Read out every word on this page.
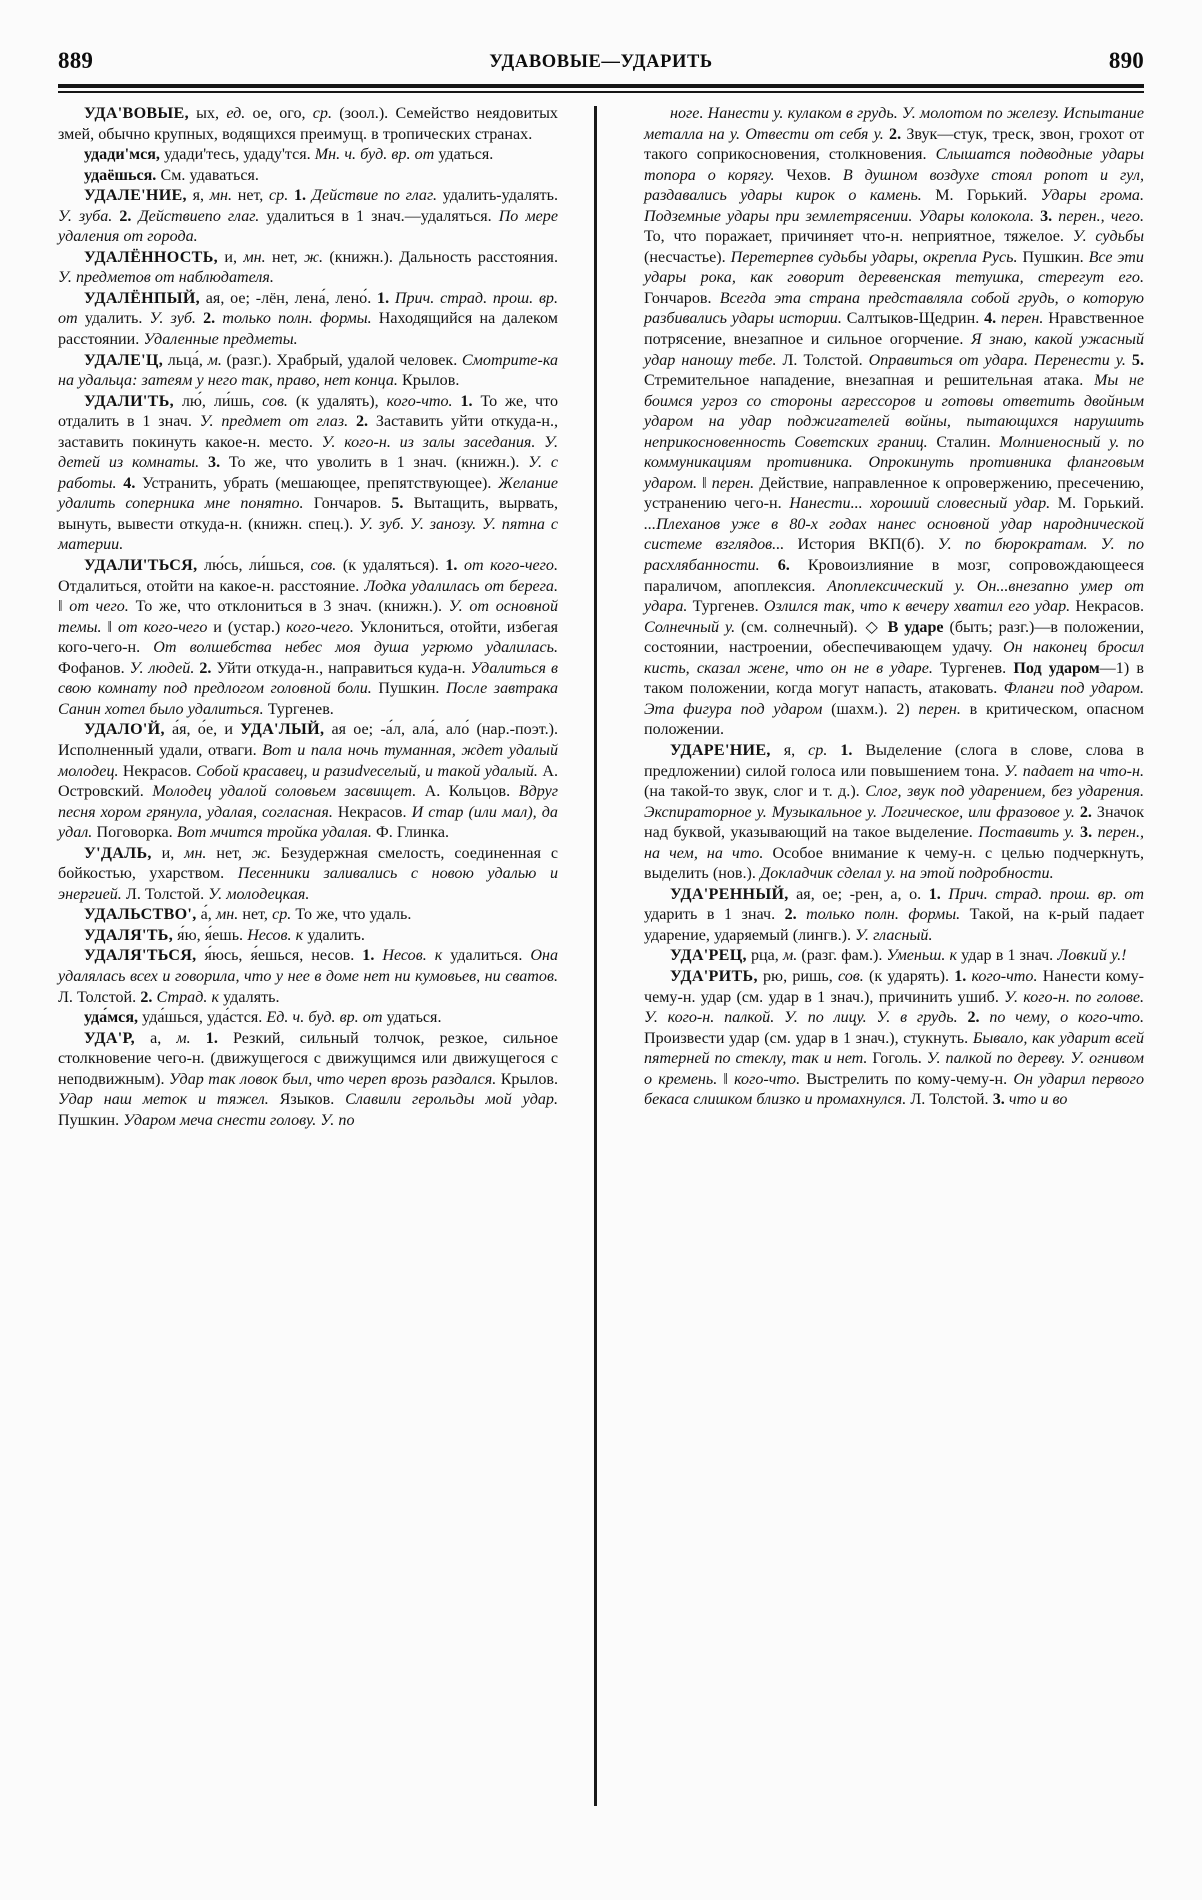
889	УДАВОВЫЕ—УДАРИТЬ	890

УДА'ВОВЫЕ, ых, ед. ое, ого, ср. (зоол.). Семейство неядовитых змей, обычно крупных, водящихся преимущ. в тропических странах.

удади'мся, удади'тесь, удаду'тся. Мн. ч. буд. вр. от удаться.

удаёшься. См. удаваться.

УДАЛЕ'НИЕ, я, мн. нет, ср. 1. Действие по глаг. удалить-удалять. У. зуба. 2. Действиепо глаг. удалиться в 1 знач.—удаляться. По мере удаления от города.

УДАЛЁННОСТЬ, и, мн. нет, ж. (книжн.). Дальность расстояния. У. предметов от наблюдателя.

УДАЛЁНПЫЙ, ая, ое; -лён, лена́, лено́. 1. Прич. страд. прош. вр. от удалить. У. зуб. 2. только полн. формы. Находящийся на далеком расстоянии. Удаленные предметы.

УДАЛЕ'Ц, льца́, м. (разг.). Храбрый, удалой человек. Смотрите-ка на удальца: затеям у него так, право, нет конца. Крылов.

УДАЛИ'ТЬ, лю́, ли́шь, сов. (к удалять), кого-что. 1. То же, что отдалить в 1 знач. У. предмет от глаз. 2. Заставить уйти откуда-н., заставить покинуть какое-н. место. У. кого-н. из залы заседания. У. детей из комнаты. 3. То же, что уволить в 1 знач. (книжн.). У. с работы. 4. Устранить, убрать (мешающее, препятствующее). Желание удалить соперника мне понятно. Гончаров. 5. Вытащить, вырвать, вынуть, вывести откуда-н. (книжн. спец.). У. зуб. У. занозу. У. пятна с материи.

УДАЛИ'ТЬСЯ, лю́сь, ли́шься, сов. (к удаляться). 1. от кого-чего. Отдалиться, отойти на какое-н. расстояние. Лодка удалилась от берега. ‖ от чего. То же, что отклониться в 3 знач. (книжн.). У. от основной темы. ‖ от кого-чего и (устар.) кого-чего. Уклониться, отойти, избегая кого-чего-н. От волшебства небес моя душа угрюмо удалилась. Фофанов. У. людей. 2. Уйти откуда-н., направиться куда-н. Удалиться в свою комнату под предлогом головной боли. Пушкин. После завтрака Санин хотел было удалиться. Тургенев.

УДАЛО'Й, а́я, о́е, и УДА'ЛЫЙ, ая ое; -а́л, ала́, ало́ (нар.-поэт.). Исполненный удали, отваги. Вот и пала ночь туманная, ждет удалый молодец. Некрасов. Собой красавец, и разudveселый, и такой удалый. А. Островский. Молодец удалой соловьем засвищет. А. Кольцов. Вдруг песня хором грянула, удалая, согласная. Некрасов. И стар (или мал), да удал. Поговорка. Вот мчится тройка удалая. Ф. Глинка.

У'ДАЛЬ, и, мн. нет, ж. Безудержная смелость, соединенная с бойкостью, ухарством. Песенники заливались с новою удалью и энергией. Л. Толстой. У. молодецкая.

УДАЛЬСТВО', а́, мн. нет, ср. То же, что удаль.

УДАЛЯ'ТЬ, я́ю, я́ешь. Несов. к удалить.

УДАЛЯ'ТЬСЯ, я́юсь, я́ешься, несов. 1. Несов. к удалиться. Она удалялась всех и говорила, что у нее в доме нет ни кумовьев, ни сватов. Л. Толстой. 2. Страд. к удалять.

уда́мся, уда́шься, уда́стся. Ед. ч. буд. вр. от удаться.

УДА'Р, а, м. 1. Резкий, сильный толчок, резкое, сильное столкновение чего-н. (движущегося с движущимся или движущегося с неподвижным). Удар так ловок был, что череп врозь раздался. Крылов. Удар наш меток и тяжел. Языков. Славили герольды мой удар. Пушкин. Ударом меча снести голову. У. по

ноге. Нанести у. кулаком в грудь. У. молотом по железу. Испытание металла на у. Отвести от себя у. 2. Звук—стук, треск, звон, грохот от такого соприкосновения, столкновения. Слышатся подводные удары топора о корягу. Чехов. В душном воздухе стоял ропот и гул, раздавались удары кирок о камень. М. Горький. Удары грома. Подземные удары при землетрясении. Удары колокола. 3. перен., чего. То, что поражает, причиняет что-н. неприятное, тяжелое. У. судьбы (несчастье). Перетерпев судьбы удары, окрепла Русь. Пушкин. Все эти удары рока, как говорит деревенская тетушка, стерегут его. Гончаров. Всегда эта страна представляла собой грудь, о которую разбивались удары истории. Салтыков-Щедрин. 4. перен. Нравственное потрясение, внезапное и сильное огорчение. Я знаю, какой ужасный удар наношу тебе. Л. Толстой. Оправиться от удара. Перенести у. 5. Стремительное нападение, внезапная и решительная атака. Мы не боимся угроз со стороны агрессоров и готовы ответить двойным ударом на удар поджигателей войны, пытающихся нарушить неприкосновенность Советских границ. Сталин. Молниеносный у. по коммуникациям противника. Опрокинуть противника фланговым ударом. ‖ перен. Действие, направленное к опровержению, пресечению, устранению чего-н. Нанести... хороший словесный удар. М. Горький. ...Плеханов уже в 80-х годах нанес основной удар народнической системе взглядов... История ВКП(б). У. по бюрократам. У. по расхлябанности. 6. Кровоизлияние в мозг, сопровождающееся параличом, апоплексия. Апоплексический у. Он...внезапно умер от удара. Тургенев. Озлился так, что к вечеру хватил его удар. Некрасов. Солнечный у. (см. солнечный). ◇ В ударе (быть; разг.)—в положении, состоянии, настроении, обеспечивающем удачу. Он наконец бросил кисть, сказал жене, что он не в ударе. Тургенев. Под ударом—1) в таком положении, когда могут напасть, атаковать. Фланги под ударом. Эта фигура под ударом (шахм.). 2) перен. в критическом, опасном положении.

УДАРЕ'НИЕ, я, ср. 1. Выделение (слога в слове, слова в предложении) силой голоса или повышением тона. У. падает на что-н. (на такой-то звук, слог и т. д.). Слог, звук под ударением, без ударения. Экспираторное у. Музыкальное у. Логическое, или фразовое у. 2. Значок над буквой, указывающий на такое выделение. Поставить у. 3. перен., на чем, на что. Особое внимание к чему-н. с целью подчеркнуть, выделить (нов.). Докладчик сделал у. на этой подробности.

УДА'РЕННЫЙ, ая, ое; -рен, а, о. 1. Прич. страд. прош. вр. от ударить в 1 знач. 2. только полн. формы. Такой, на к-рый падает ударение, ударяемый (лингв.). У. гласный.

УДА'РЕЦ, рца, м. (разг. фам.). Уменьш. к удар в 1 знач. Ловкий у.!

УДА'РИТЬ, рю, ришь, сов. (к ударять). 1. кого-что. Нанести кому-чему-н. удар (см. удар в 1 знач.), причинить ушиб. У. кого-н. по голове. У. кого-н. палкой. У. по лицу. У. в грудь. 2. по чему, о кого-что. Произвести удар (см. удар в 1 знач.), стукнуть. Бывало, как ударит всей пятерней по стеклу, так и нет. Гоголь. У. палкой по дереву. У. огнивом о кремень. ‖ кого-что. Выстрелить по кому-чему-н. Он ударил первого бекаса слишком близко и промахнулся. Л. Толстой. 3. что и во
